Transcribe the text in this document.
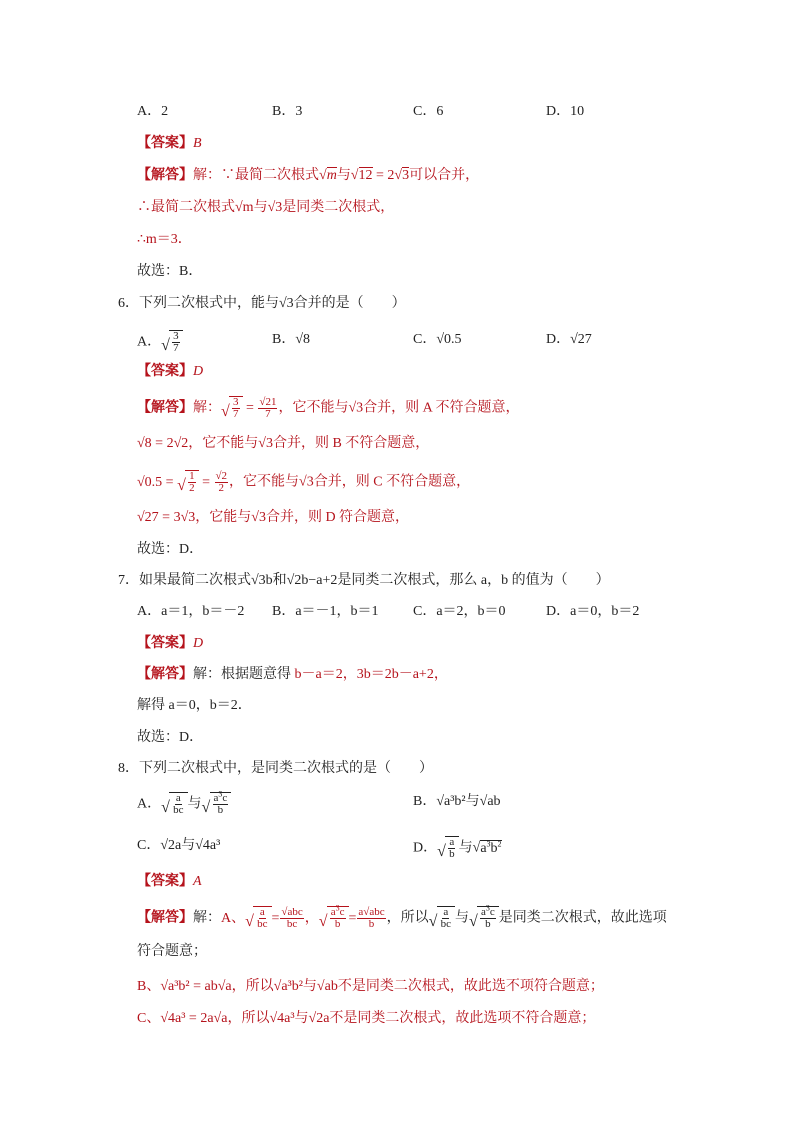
A．2	B．3	C．6	D．10
【答案】B
【解答】解：∵最简二次根式√m与√12 = 2√3可以合并，
∴最简二次根式√m与√3是同类二次根式，
∴m＝3．
故选：B．
6．下列二次根式中，能与√3合并的是（　　）
A． √ $\frac{3}{7}$	B．√8	C．√0.5	D．√27
【答案】D
【解答】解： √ $\frac{3}{7} = \frac{√21}{7}$ ，它不能与√3合并，则 A 不符合题意，
√8 = 2√2，它不能与√3合并，则 B 不符合题意，
√0.5 = √ $\frac{1}{2} = \frac{√2}{2}$ ，它不能与√3合并，则 C 不符合题意，
√27 = 3√3，它能与√3合并，则 D 符合题意，
故选：D．
7．如果最简二次根式√3b和√2b−a+2是同类二次根式，那么 a，b 的值为（　　）
A．a＝1，b＝－2 B．a＝－1，b＝1 C．a＝2，b＝0	D．a＝0，b＝2
【答案】D
【解答】解：根据题意得 b－a＝2，3b＝2b－a+2，
解得 a＝0，b＝2．
故选：D．
8．下列二次根式中，是同类二次根式的是（　　）
A． √ $\frac{a}{bc}$ 与 √ $\frac{a^3c}{b}$	B．√a³b²与√ab
C．√2a与√4a³	D． √ $\frac{a}{b}$ 与$√a^3b^2$
【答案】A
【解答】解：A、 √ $\frac{a}{bc} = \frac{\text{√abc}}{bc}$ ， √ $\frac{a^3c}{b} = \frac{\text{a√abc}}{b}$ ，所以 √ $\frac{a}{bc}$ 与 √ $\frac{a^3c}{b}$ 是同类二次根式，故此选项
符合题意；
B、√a³b² = ab√a，所以√a³b²与√ab不是同类二次根式，故此选不项符合题意；
C、√4a³ = 2a√a，所以√4a³与√2a不是同类二次根式，故此选项不符合题意；
